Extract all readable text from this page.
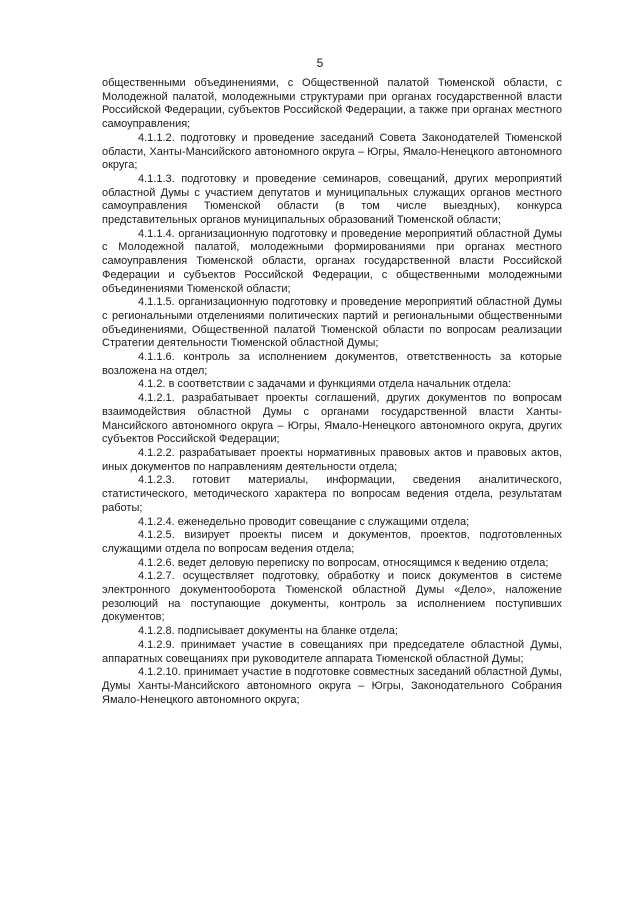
5

общественными объединениями, с Общественной палатой Тюменской области, с Молодежной палатой, молодежными структурами при органах государственной власти Российской Федерации, субъектов Российской Федерации, а также при органах местного самоуправления;

4.1.1.2. подготовку и проведение заседаний Совета Законодателей Тюменской области, Ханты-Мансийского автономного округа – Югры, Ямало-Ненецкого автономного округа;

4.1.1.3. подготовку и проведение семинаров, совещаний, других мероприятий областной Думы с участием депутатов и муниципальных служащих органов местного самоуправления Тюменской области (в том числе выездных), конкурса представительных органов муниципальных образований Тюменской области;

4.1.1.4. организационную подготовку и проведение мероприятий областной Думы с Молодежной палатой, молодежными формированиями при органах местного самоуправления Тюменской области, органах государственной власти Российской Федерации и субъектов Российской Федерации, с общественными молодежными объединениями Тюменской области;

4.1.1.5. организационную подготовку и проведение мероприятий областной Думы с региональными отделениями политических партий и региональными общественными объединениями, Общественной палатой Тюменской области по вопросам реализации Стратегии деятельности Тюменской областной Думы;

4.1.1.6. контроль за исполнением документов, ответственность за которые возложена на отдел;

4.1.2. в соответствии с задачами и функциями отдела начальник отдела:

4.1.2.1. разрабатывает проекты соглашений, других документов по вопросам взаимодействия областной Думы с органами государственной власти Ханты-Мансийского автономного округа – Югры, Ямало-Ненецкого автономного округа, других субъектов Российской Федерации;

4.1.2.2. разрабатывает проекты нормативных правовых актов и правовых актов, иных документов по направлениям деятельности отдела;

4.1.2.3. готовит материалы, информации, сведения аналитического, статистического, методического характера по вопросам ведения отдела, результатам работы;

4.1.2.4. еженедельно проводит совещание с служащими отдела;

4.1.2.5. визирует проекты писем и документов, проектов, подготовленных служащими отдела по вопросам ведения отдела;

4.1.2.6. ведет деловую переписку по вопросам, относящимся к ведению отдела;

4.1.2.7. осуществляет подготовку, обработку и поиск документов в системе электронного документооборота Тюменской областной Думы «Дело», наложение резолюций на поступающие документы, контроль за исполнением поступивших документов;

4.1.2.8. подписывает документы на бланке отдела;

4.1.2.9. принимает участие в совещаниях при председателе областной Думы, аппаратных совещаниях при руководителе аппарата Тюменской областной Думы;

4.1.2.10. принимает участие в подготовке совместных заседаний областной Думы, Думы Ханты-Мансийского автономного округа – Югры, Законодательного Собрания Ямало-Ненецкого автономного округа;
